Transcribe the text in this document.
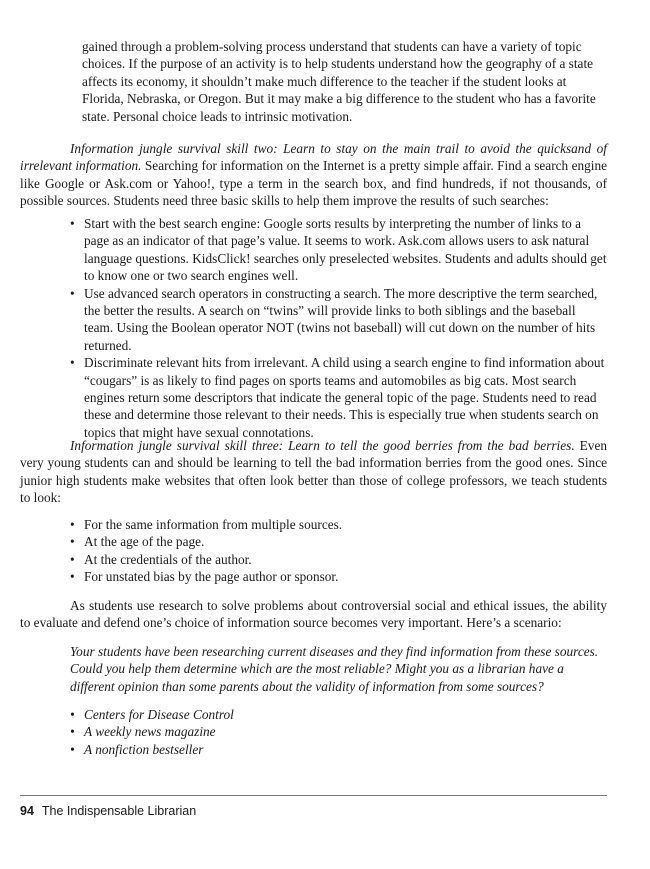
gained through a problem-solving process understand that students can have a variety of topic choices. If the purpose of an activity is to help students understand how the geography of a state affects its economy, it shouldn’t make much difference to the teacher if the student looks at Florida, Nebraska, or Oregon. But it may make a big difference to the student who has a favorite state. Personal choice leads to intrinsic motivation.

Information jungle survival skill two: Learn to stay on the main trail to avoid the quicksand of irrelevant information. Searching for information on the Internet is a pretty simple affair. Find a search engine like Google or Ask.com or Yahoo!, type a term in the search box, and find hundreds, if not thousands, of possible sources. Students need three basic skills to help them improve the results of such searches:

• Start with the best search engine: Google sorts results by interpreting the number of links to a page as an indicator of that page’s value. It seems to work. Ask.com allows users to ask natural language questions. KidsClick! searches only preselected websites. Students and adults should get to know one or two search engines well.
• Use advanced search operators in constructing a search. The more descriptive the term searched, the better the results. A search on “twins” will provide links to both siblings and the baseball team. Using the Boolean operator NOT (twins not baseball) will cut down on the number of hits returned.
• Discriminate relevant hits from irrelevant. A child using a search engine to find information about “cougars” is as likely to find pages on sports teams and automobiles as big cats. Most search engines return some descriptors that indicate the general topic of the page. Students need to read these and determine those relevant to their needs. This is especially true when students search on topics that might have sexual connotations.

Information jungle survival skill three: Learn to tell the good berries from the bad berries. Even very young students can and should be learning to tell the bad information berries from the good ones. Since junior high students make websites that often look better than those of college professors, we teach students to look:

• For the same information from multiple sources.
• At the age of the page.
• At the credentials of the author.
• For unstated bias by the page author or sponsor.

As students use research to solve problems about controversial social and ethical issues, the ability to evaluate and defend one’s choice of information source becomes very important. Here’s a scenario:

Your students have been researching current diseases and they find information from these sources. Could you help them determine which are the most reliable? Might you as a librarian have a different opinion than some parents about the validity of information from some sources?

• Centers for Disease Control
• A weekly news magazine
• A nonfiction bestseller
94 The Indispensable Librarian
